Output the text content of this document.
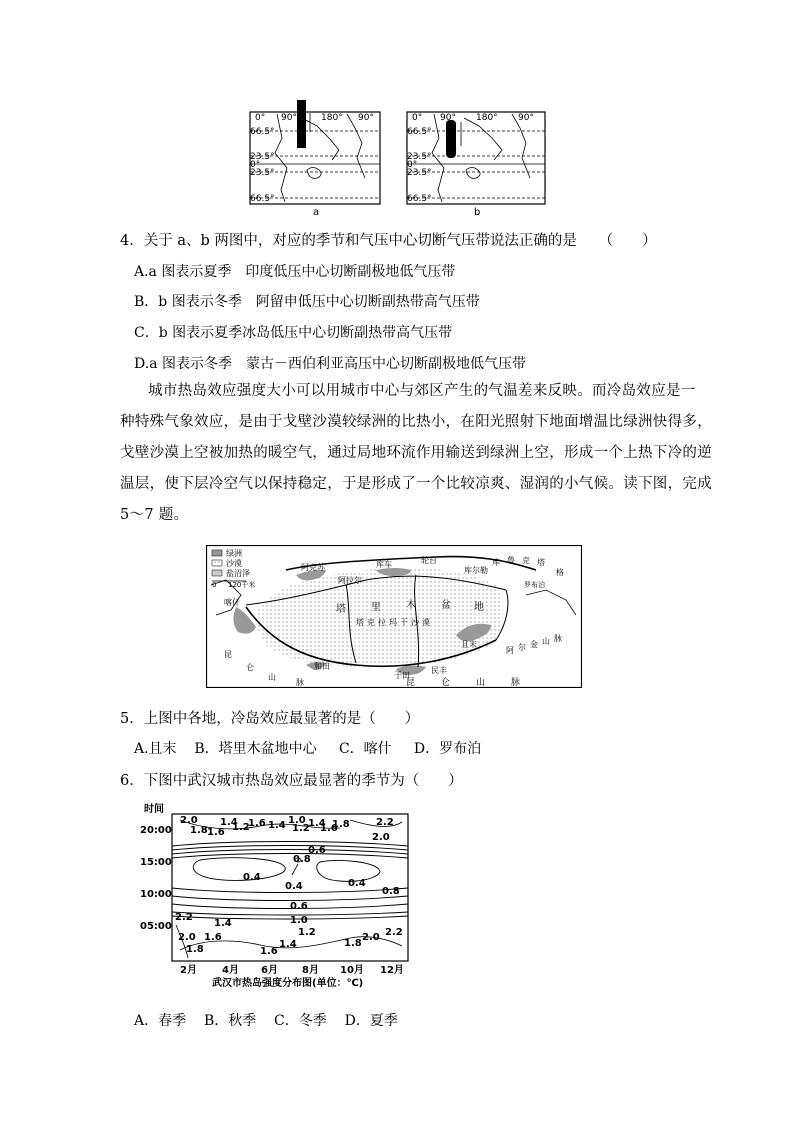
0° 90°	180° 90°
66.5°
23.5°
0°
23.5°
66.5°
a
0° 90° 180° 90°
66.5°
23.5°
0°
23.5°
66.5°
b
4．关于 a、b 两图中，对应的季节和气压中心切断气压带说法正确的是　　（　　）
A.a 图表示夏季　印度低压中心切断副极地低气压带
B．b 图表示冬季　阿留申低压中心切断副热带高气压带
C．b 图表示夏季冰岛低压中心切断副热带高气压带
D.a 图表示冬季　蒙古－西伯利亚高压中心切断副极地低气压带
城市热岛效应强度大小可以用城市中心与郊区产生的气温差来反映。而冷岛效应是一
种特殊气象效应，是由于戈壁沙漠较绿洲的比热小，在阳光照射下地面增温比绿洲快得多，
戈壁沙漠上空被加热的暖空气，通过局地环流作用输送到绿洲上空，形成一个上热下冷的逆
温层，使下层冷空气以保持稳定，于是形成了一个比较凉爽、湿润的小气候。读下图，完成
5～7 题。
绿洲
沙漠
盐沼泽
0 120千米
阿克苏	库车	轮台
库尔勒
阿拉尔
喀什
和田
于田
民丰
且末
罗布泊
塔	里	木	盆 地
塔克拉玛干沙漠
昆	仑	山	脉
阿 尔 金 山 脉
昆
仑
山
脉
库 鲁 克 塔
格
5．上图中各地，冷岛效应最显著的是（　　）
A.且末 B．塔里木盆地中心 C．喀什 D．罗布泊
6．下图中武汉城市热岛效应最显著的季节为（　　）
时间
20:00
15:00
10:00
05:00
2月	4月 6月 8月 10月 12月
2.0 1.4 1.6
1.8 1.6 1.2 1.4 1.0
1.2
1.4
1.6
1.8	2.2
2.0
0.6
0.8
0.4
0.4	0.4
0.8
0.6
1.0
1.2
2.2
2.0
1.8
1.4
1.6
1.4
1.6
1.8
2.0 2.2
武汉市热岛强度分布图(单位：℃)
A．春季 B．秋季 C．冬季 D．夏季
